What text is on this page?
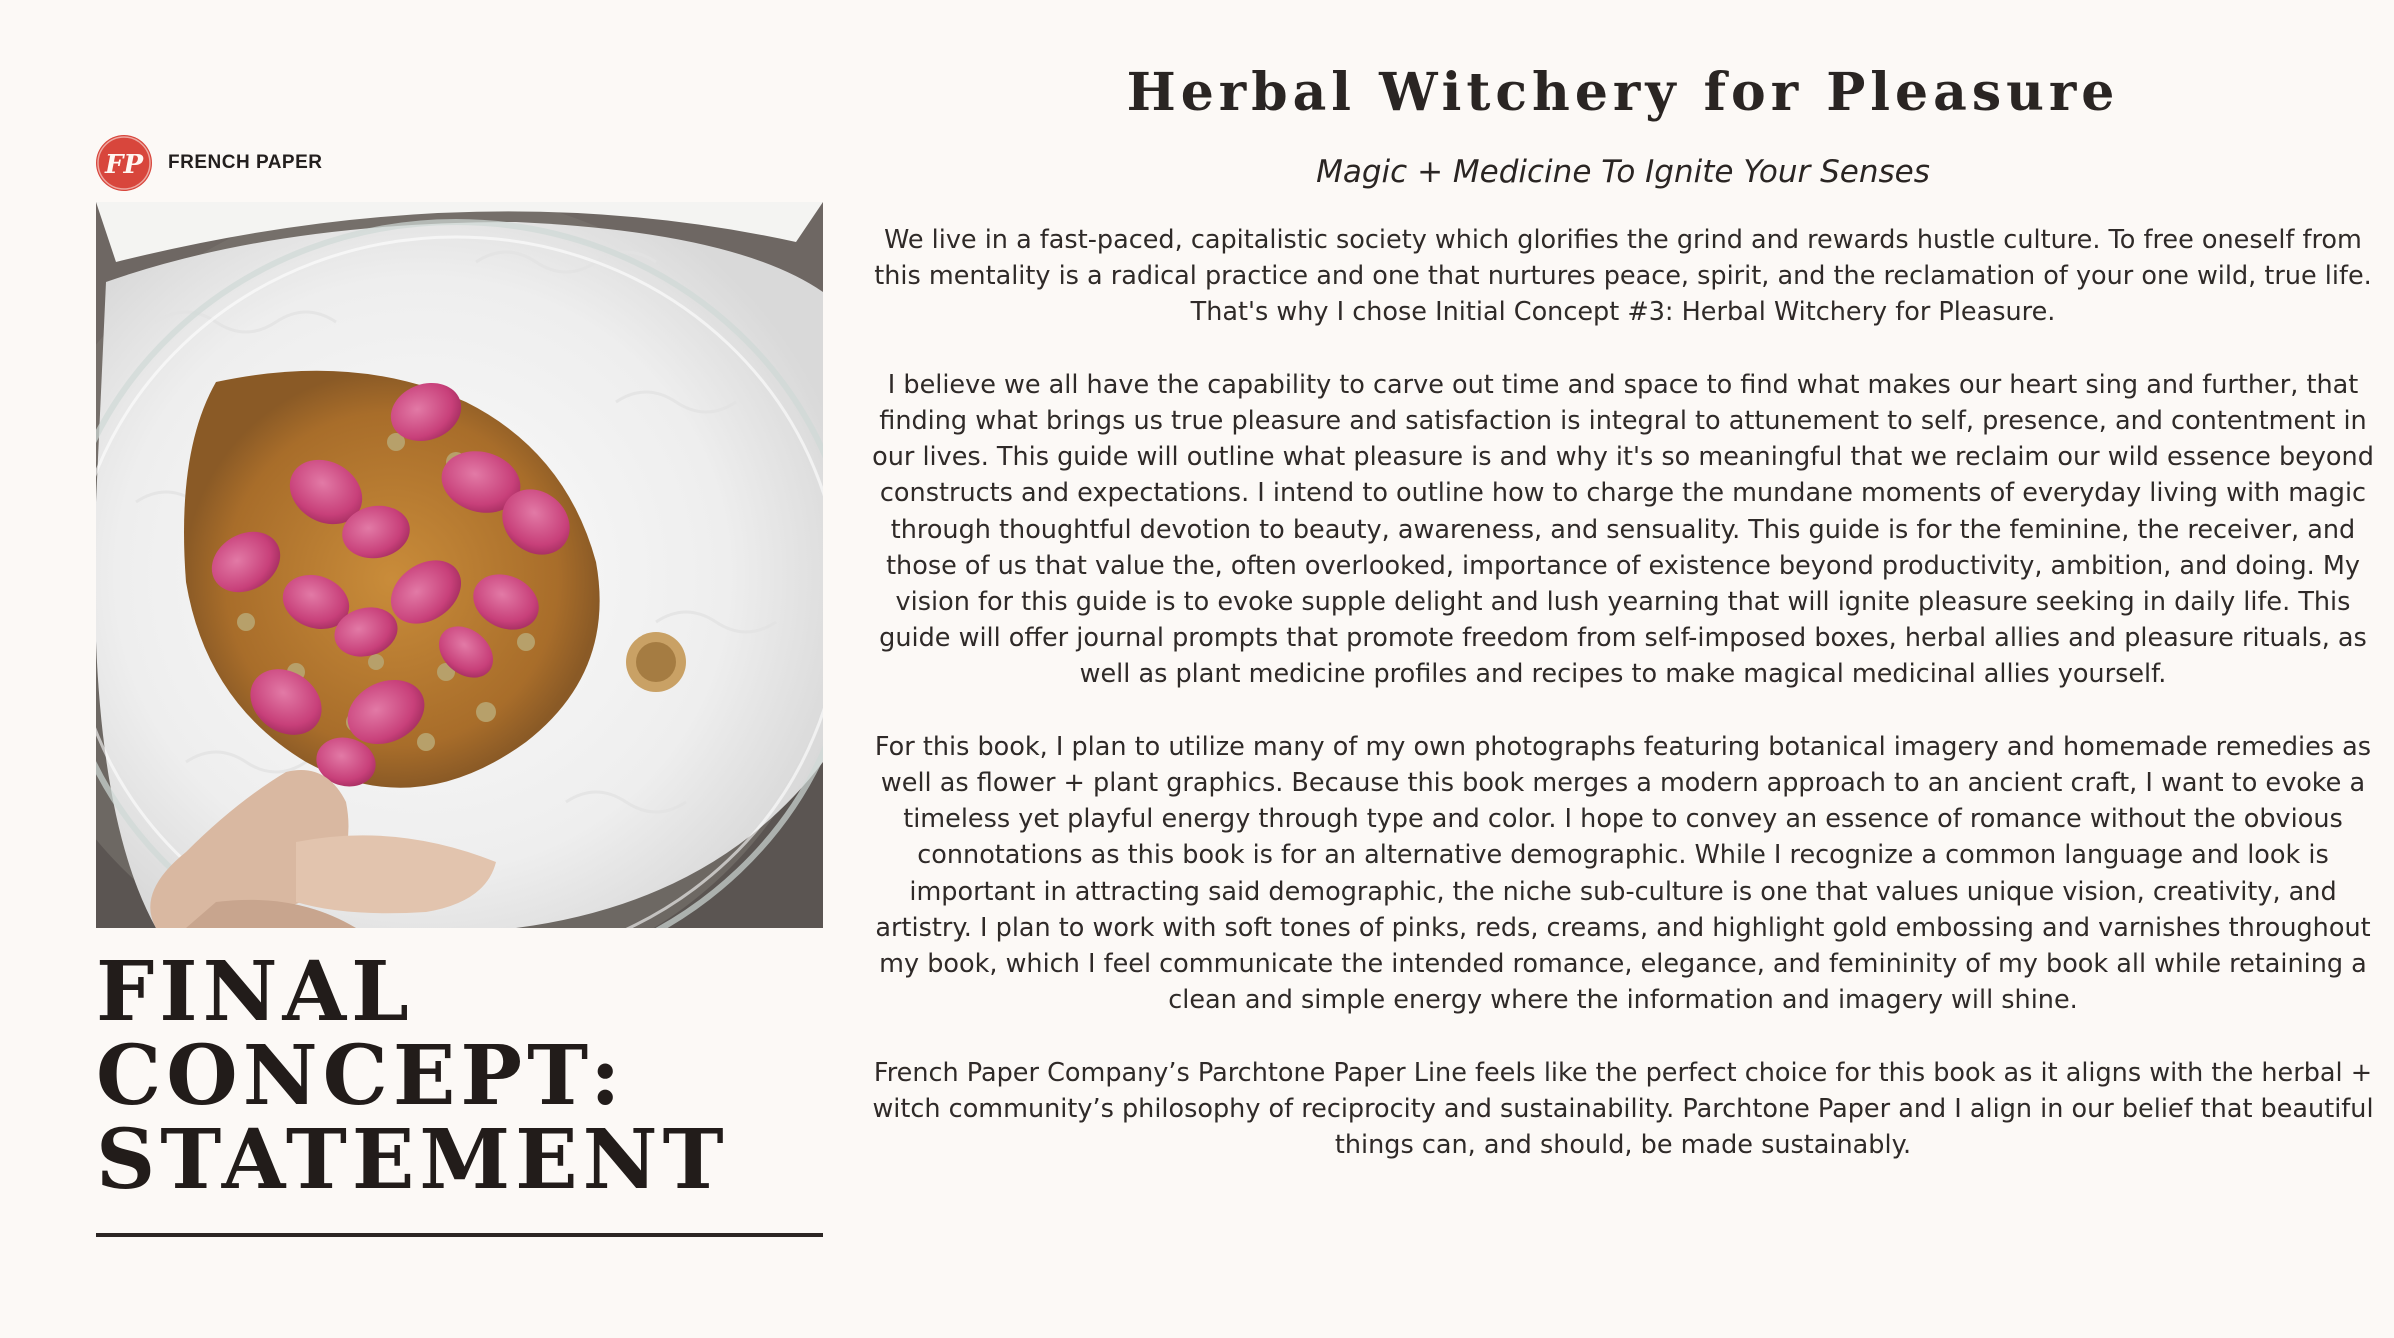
FP FRENCH PAPER
FINAL
CONCEPT:
STATEMENT
Herbal Witchery for Pleasure
Magic + Medicine To Ignite Your Senses

We live in a fast-paced, capitalistic society which glorifies the grind and rewards hustle culture. To free oneself from this mentality is a radical practice and one that nurtures peace, spirit, and the reclamation of your one wild, true life. That's why I chose Initial Concept #3: Herbal Witchery for Pleasure.

I believe we all have the capability to carve out time and space to find what makes our heart sing and further, that finding what brings us true pleasure and satisfaction is integral to attunement to self, presence, and contentment in our lives. This guide will outline what pleasure is and why it's so meaningful that we reclaim our wild essence beyond constructs and expectations. I intend to outline how to charge the mundane moments of everyday living with magic through thoughtful devotion to beauty, awareness, and sensuality. This guide is for the feminine, the receiver, and those of us that value the, often overlooked, importance of existence beyond productivity, ambition, and doing. My vision for this guide is to evoke supple delight and lush yearning that will ignite pleasure seeking in daily life. This guide will offer journal prompts that promote freedom from self-imposed boxes, herbal allies and pleasure rituals, as well as plant medicine profiles and recipes to make magical medicinal allies yourself.

For this book, I plan to utilize many of my own photographs featuring botanical imagery and homemade remedies as well as flower + plant graphics. Because this book merges a modern approach to an ancient craft, I want to evoke a timeless yet playful energy through type and color. I hope to convey an essence of romance without the obvious connotations as this book is for an alternative demographic. While I recognize a common language and look is important in attracting said demographic, the niche sub-culture is one that values unique vision, creativity, and artistry. I plan to work with soft tones of pinks, reds, creams, and highlight gold embossing and varnishes throughout my book, which I feel communicate the intended romance, elegance, and femininity of my book all while retaining a clean and simple energy where the information and imagery will shine.

French Paper Company’s Parchtone Paper Line feels like the perfect choice for this book as it aligns with the herbal + witch community’s philosophy of reciprocity and sustainability. Parchtone Paper and I align in our belief that beautiful things can, and should, be made sustainably.
